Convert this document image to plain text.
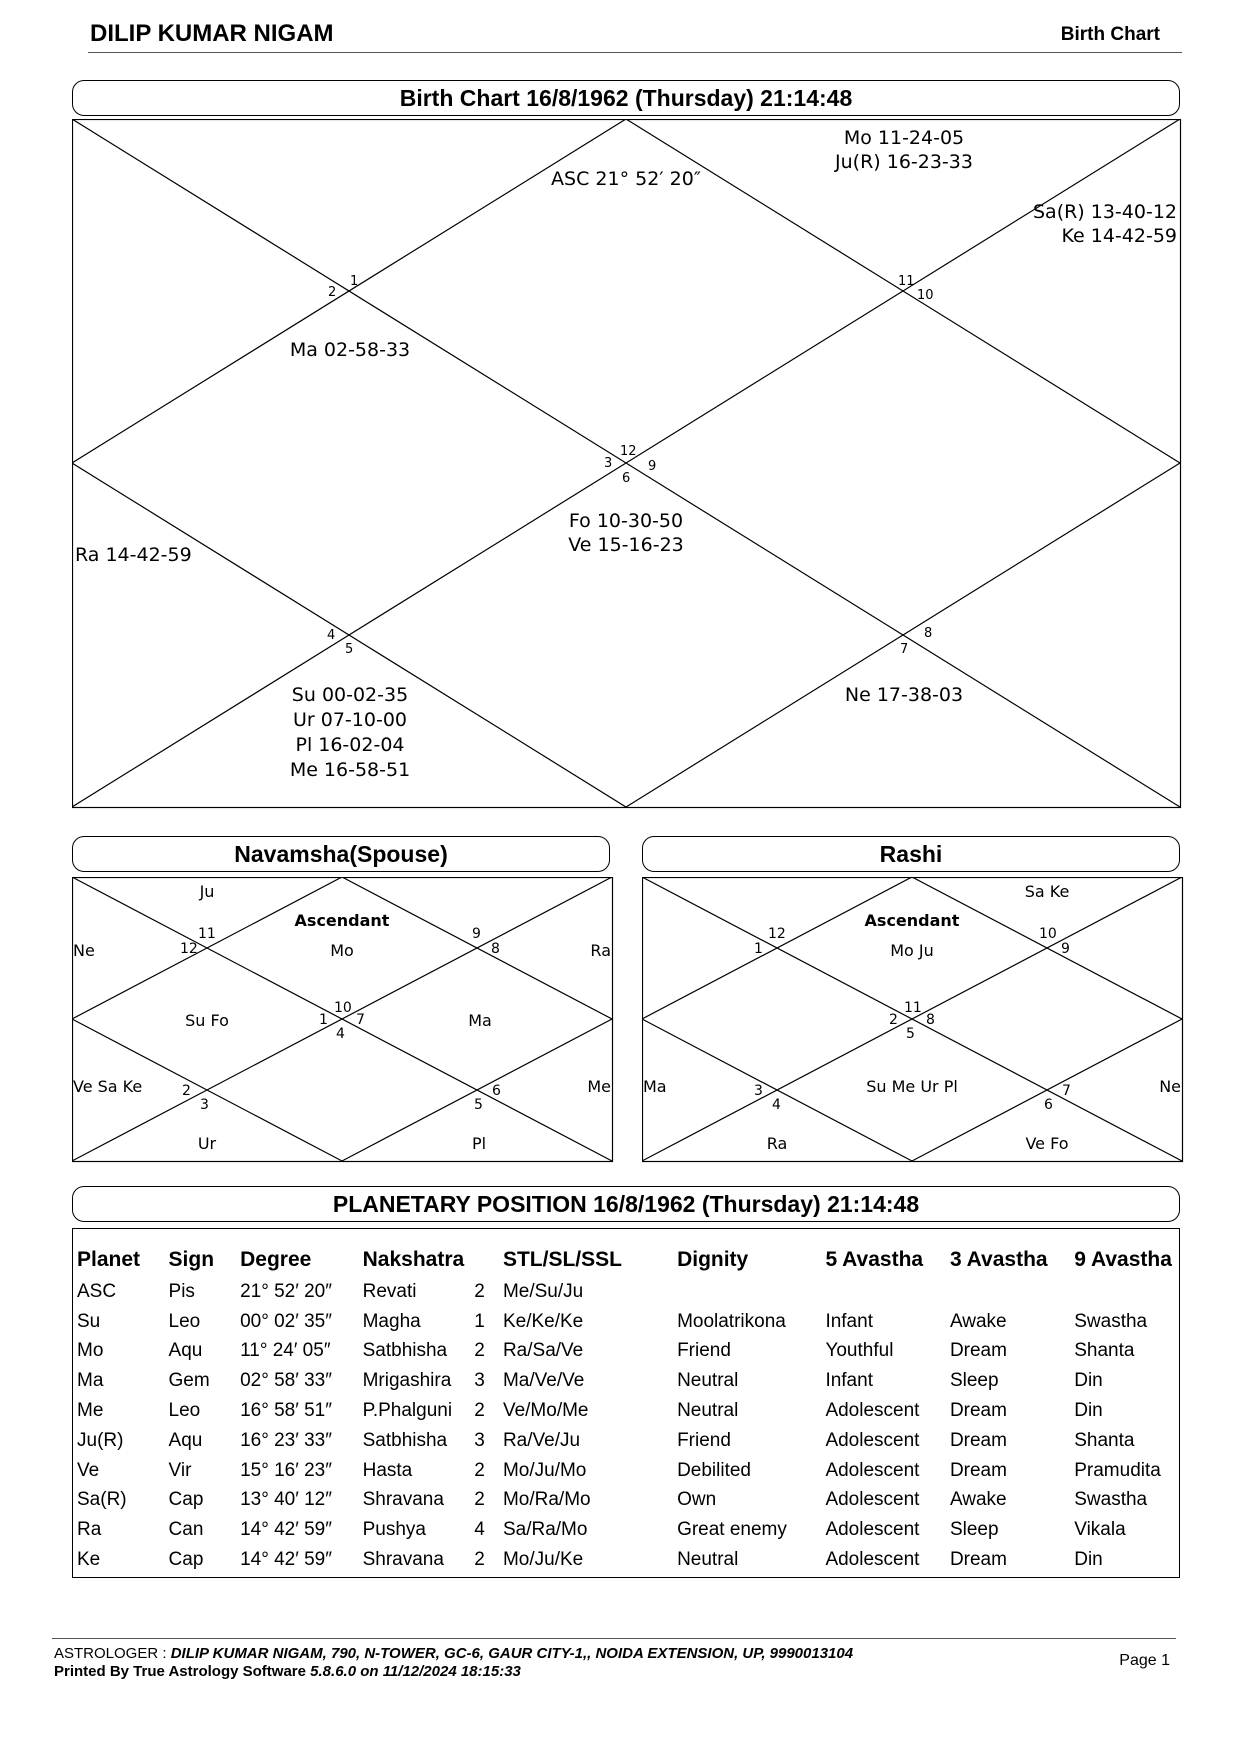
DILIP KUMAR NIGAM	Birth Chart
Birth Chart 16/8/1962 (Thursday) 21:14:48
1
2
11
10
12
3	9
6
4
5	7
8
ASC 21° 52′ 20″
Mo 11-24-05
Ju(R) 16-23-33
Sa(R) 13-40-12
Ke 14-42-59
Ma 02-58-33
Fo 10-30-50
Ve 15-16-23
Ra 14-42-59
Su 00-02-35
Ur 07-10-00
Pl 16-02-04
Me 16-58-51
Ne 17-38-03
Navamsha(Spouse)
11
12
9
8
10
1 7
4
2
3
6
5
Ascendant
Ju
Mo
Ne	Ra
Su Fo	Ma
Ve Sa Ke	Me
Ur	Pl
Rashi
12
1
10
9
11
2 8
5
3
4
7
6
Ascendant
Sa Ke
Mo Ju
Ma	Su Me Ur Pl	Ne
Ra	Ve Fo
PLANETARY POSITION 16/8/1962 (Thursday) 21:14:48
Planet	Sign	Degree	Nakshatra		STL/SL/SSL	Dignity	5 Avastha	3 Avastha	9 Avastha
ASC	Pis	21° 52′ 20″	Revati	2	Me/Su/Ju				
Su	Leo	00° 02′ 35″	Magha	1	Ke/Ke/Ke	Moolatrikona	Infant	Awake	Swastha
Mo	Aqu	11° 24′ 05″	Satbhisha	2	Ra/Sa/Ve	Friend	Youthful	Dream	Shanta
Ma	Gem	02° 58′ 33″	Mrigashira	3	Ma/Ve/Ve	Neutral	Infant	Sleep	Din
Me	Leo	16° 58′ 51″	P.Phalguni	2	Ve/Mo/Me	Neutral	Adolescent	Dream	Din
Ju(R)	Aqu	16° 23′ 33″	Satbhisha	3	Ra/Ve/Ju	Friend	Adolescent	Dream	Shanta
Ve	Vir	15° 16′ 23″	Hasta	2	Mo/Ju/Mo	Debilited	Adolescent	Dream	Pramudita
Sa(R)	Cap	13° 40′ 12″	Shravana	2	Mo/Ra/Mo	Own	Adolescent	Awake	Swastha
Ra	Can	14° 42′ 59″	Pushya	4	Sa/Ra/Mo	Great enemy	Adolescent	Sleep	Vikala
Ke	Cap	14° 42′ 59″	Shravana	2	Mo/Ju/Ke	Neutral	Adolescent	Dream	Din
ASTROLOGER : DILIP KUMAR NIGAM, 790, N-TOWER, GC-6, GAUR CITY-1,, NOIDA EXTENSION, UP, 9990013104
Printed By True Astrology Software 5.8.6.0 on 11/12/2024 18:15:33
Page 1
